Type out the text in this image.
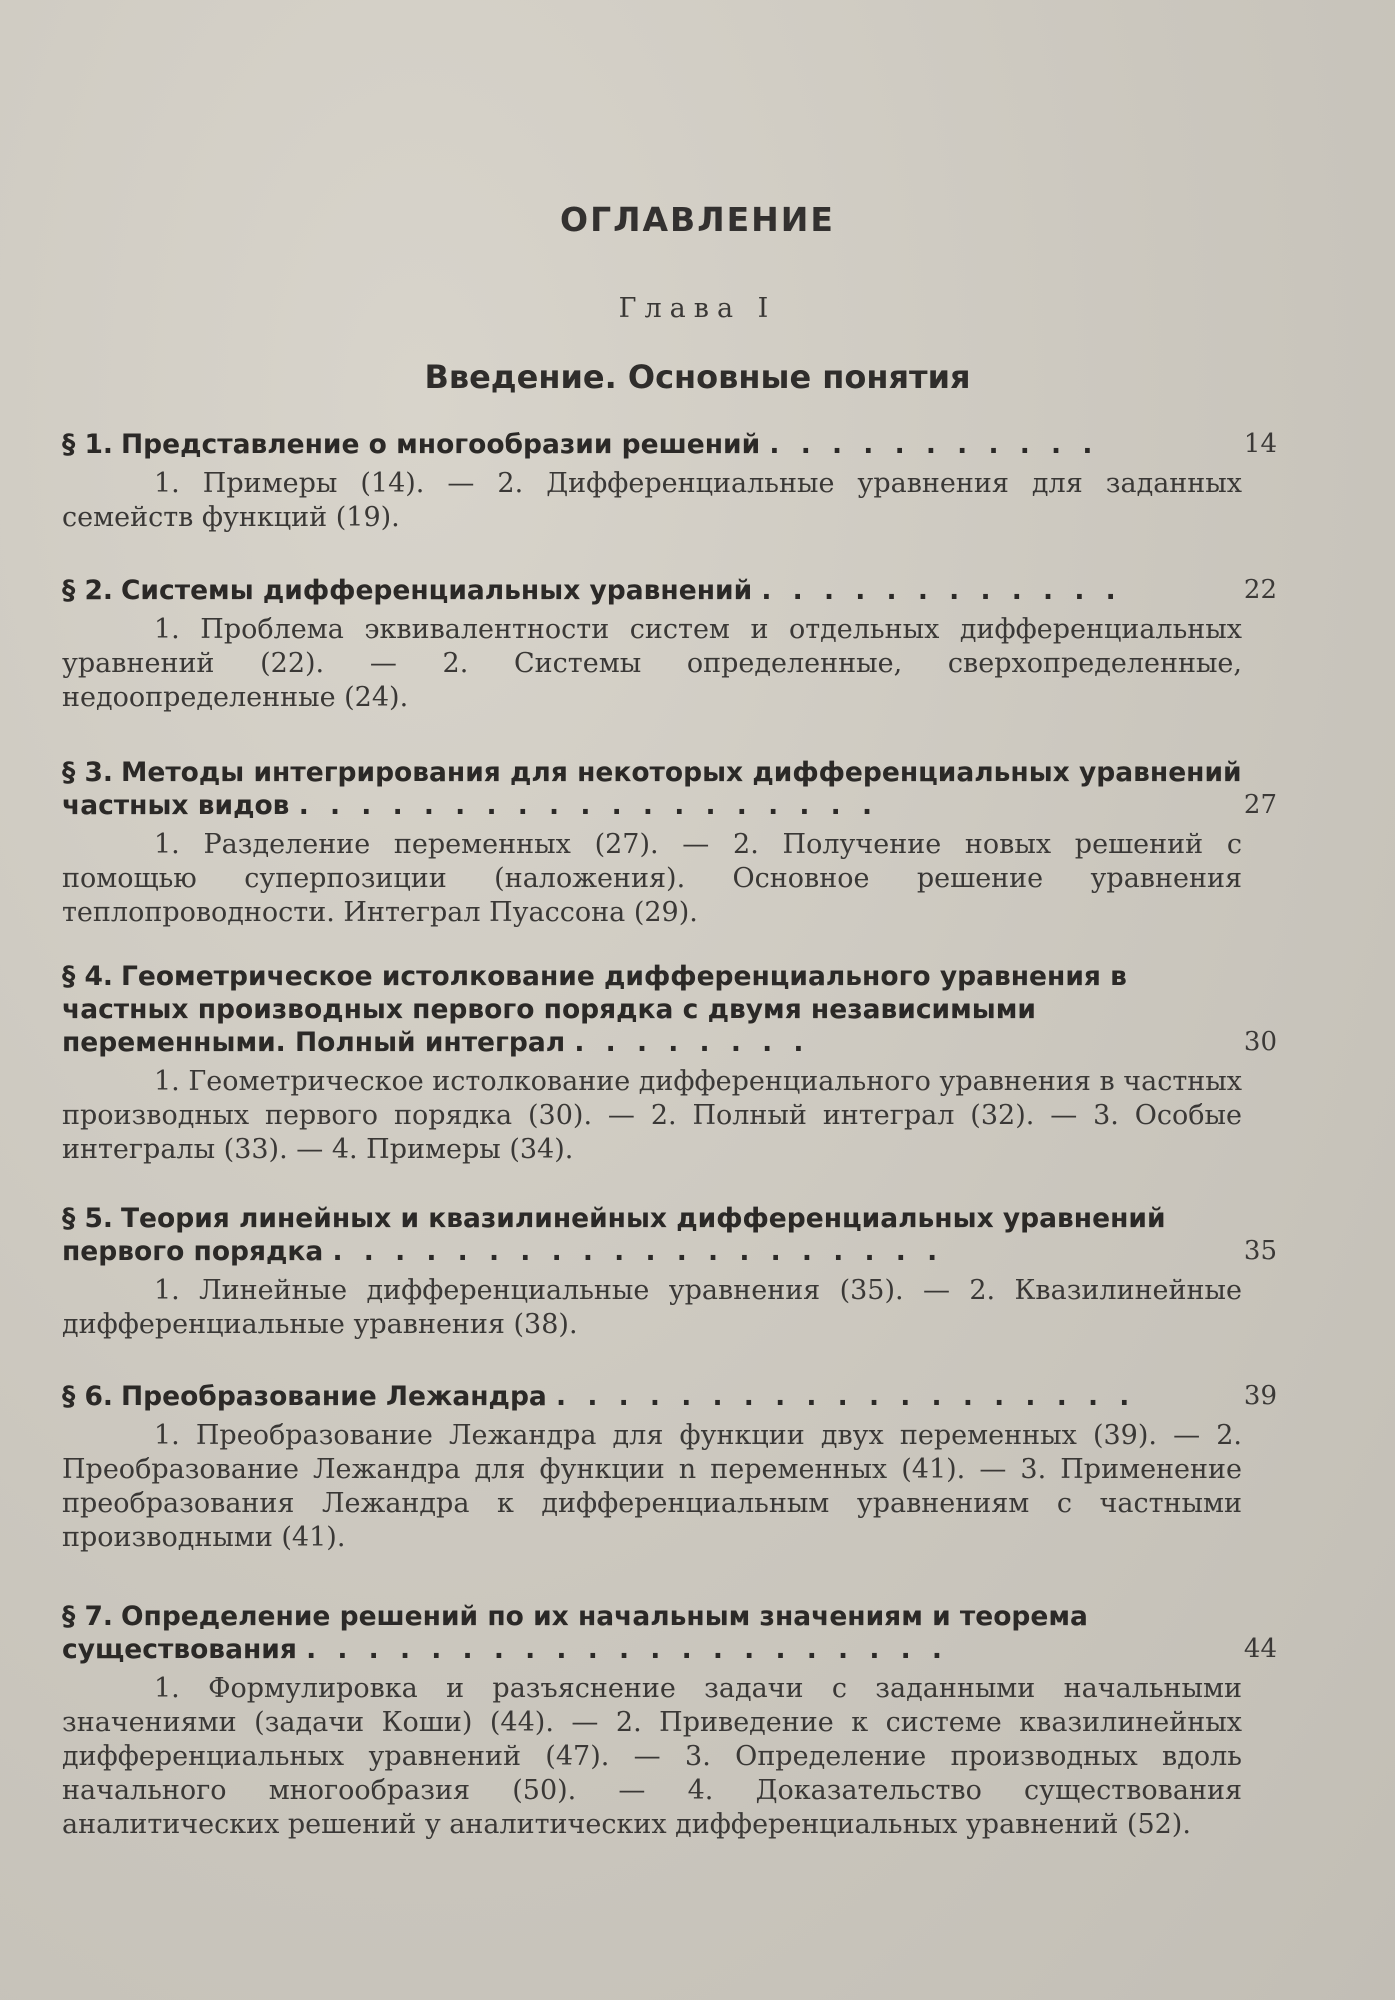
ОГЛАВЛЕНИЕ
Глава I
Введение. Основные понятия
§ 1. Представление о многообразии решений . . . . . . . . . . .	14
1. Примеры (14). — 2. Дифференциальные уравнения для заданных семейств функций (19).
§ 2. Системы дифференциальных уравнений . . . . . . . . . . . .	22
1. Проблема эквивалентности систем и отдельных дифференциальных уравнений (22). — 2. Системы определенные, сверхопределенные, недоопределенные (24).
§ 3. Методы интегрирования для некоторых дифференциальных уравнений частных видов . . . . . . . . . . . . . . . . . . .	27
1. Разделение переменных (27). — 2. Получение новых решений с помощью суперпозиции (наложения). Основное решение уравнения теплопроводности. Интеграл Пуассона (29).
§ 4. Геометрическое истолкование дифференциального уравнения в частных производных первого порядка с двумя независимыми переменными. Полный интеграл . . . . . . . .	30
1. Геометрическое истолкование дифференциального уравнения в частных производных первого порядка (30). — 2. Полный интеграл (32). — 3. Особые интегралы (33). — 4. Примеры (34).
§ 5. Теория линейных и квазилинейных дифференциальных уравнений первого порядка . . . . . . . . . . . . . . . . . . . .	35
1. Линейные дифференциальные уравнения (35). — 2. Квазилинейные дифференциальные уравнения (38).
§ 6. Преобразование Лежандра . . . . . . . . . . . . . . . . . . .	39
1. Преобразование Лежандра для функции двух переменных (39). — 2. Преобразование Лежандра для функции n переменных (41). — 3. Применение преобразования Лежандра к дифференциальным уравнениям с частными производными (41).
§ 7. Определение решений по их начальным значениям и теорема существования . . . . . . . . . . . . . . . . . . . . .	44
1. Формулировка и разъяснение задачи с заданными начальными значениями (задачи Коши) (44). — 2. Приведение к системе квазилинейных дифференциальных уравнений (47). — 3. Определение производных вдоль начального многообразия (50). — 4. Доказательство существования аналитических решений у аналитических дифференциальных уравнений (52).
